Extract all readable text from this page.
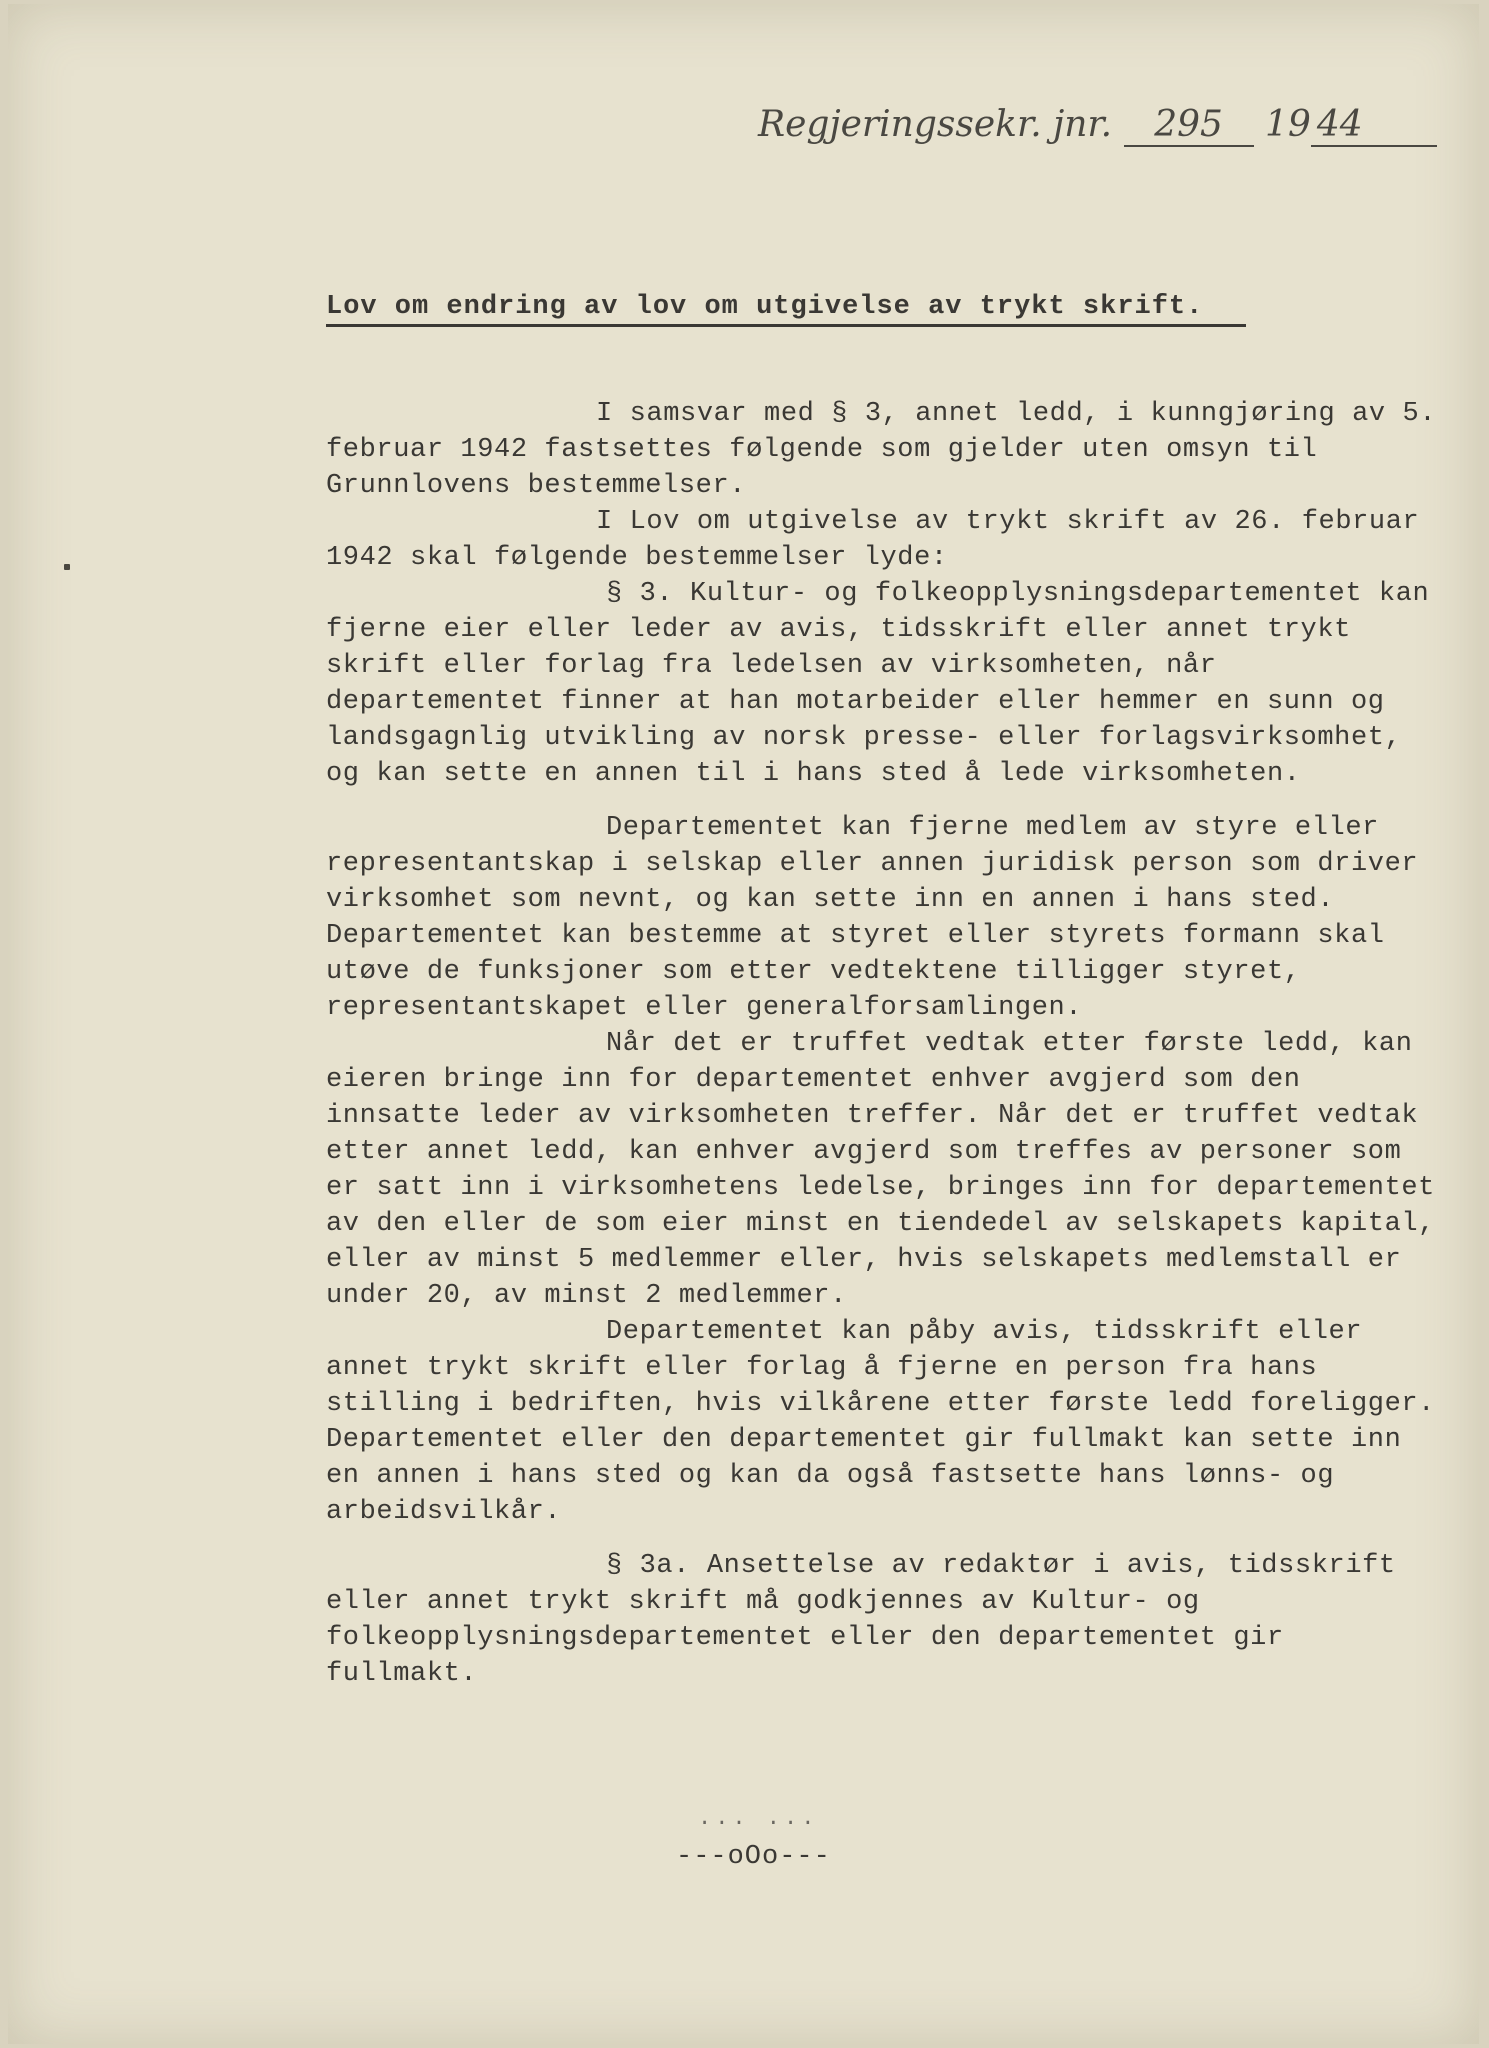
Regjeringssekr. jnr. 295 19 44
Lov om endring av lov om utgivelse av trykt skrift.

I samsvar med § 3, annet ledd, i kunngjøring av 5. februar 1942 fastsettes følgende som gjelder uten omsyn til Grunnlovens bestemmelser.

I Lov om utgivelse av trykt skrift av 26. februar 1942 skal følgende bestemmelser lyde:

§ 3. Kultur- og folkeopplysningsdepartementet kan fjerne eier eller leder av avis, tidsskrift eller annet trykt skrift eller forlag fra ledelsen av virksomheten, når departementet finner at han motarbeider eller hemmer en sunn og landsgagnlig utvikling av norsk presse- eller forlagsvirksomhet, og kan sette en annen til i hans sted å lede virksomheten.

Departementet kan fjerne medlem av styre eller representantskap i selskap eller annen juridisk person som driver virksomhet som nevnt, og kan sette inn en annen i hans sted. Departementet kan bestemme at styret eller styrets formann skal utøve de funksjoner som etter vedtektene tilligger styret, representantskapet eller generalforsamlingen.

Når det er truffet vedtak etter første ledd, kan eieren bringe inn for departementet enhver avgjerd som den innsatte leder av virksomheten treffer. Når det er truffet vedtak etter annet ledd, kan enhver avgjerd som treffes av personer som er satt inn i virksomhetens ledelse, bringes inn for departementet av den eller de som eier minst en tiendedel av selskapets kapital, eller av minst 5 medlemmer eller, hvis selskapets medlemstall er under 20, av minst 2 medlemmer.

Departementet kan påby avis, tidsskrift eller annet trykt skrift eller forlag å fjerne en person fra hans stilling i bedriften, hvis vilkårene etter første ledd foreligger. Departementet eller den departementet gir fullmakt kan sette inn en annen i hans sted og kan da også fastsette hans lønns- og arbeidsvilkår.

§ 3a. Ansettelse av redaktør i avis, tidsskrift eller annet trykt skrift må godkjennes av Kultur- og folkeopplysningsdepartementet eller den departementet gir fullmakt.

... ...
---oOo---
